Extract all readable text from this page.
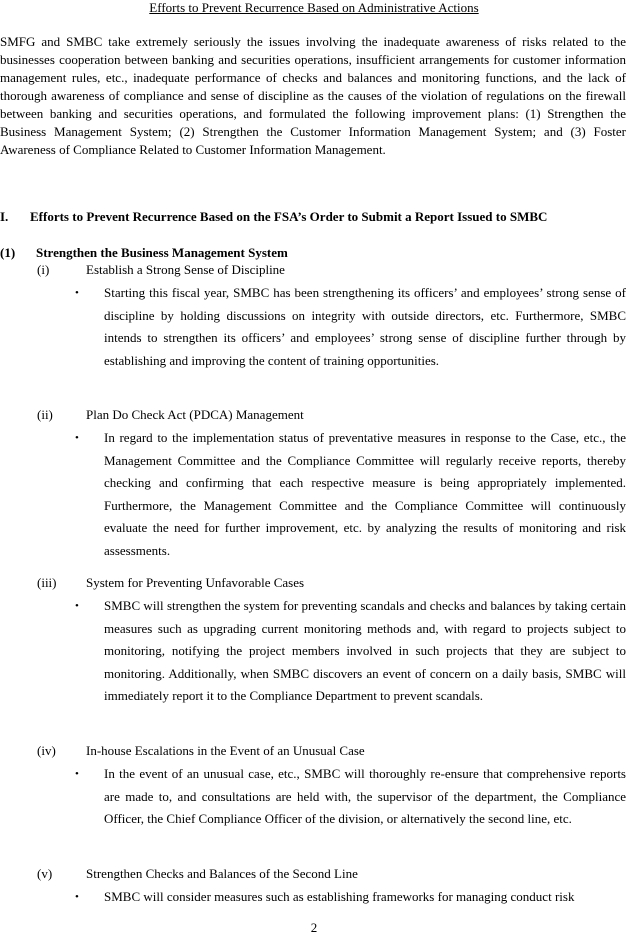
Efforts to Prevent Recurrence Based on Administrative Actions

SMFG and SMBC take extremely seriously the issues involving the inadequate awareness of risks related to the businesses cooperation between banking and securities operations, insufficient arrangements for customer information management rules, etc., inadequate performance of checks and balances and monitoring functions, and the lack of thorough awareness of compliance and sense of discipline as the causes of the violation of regulations on the firewall between banking and securities operations, and formulated the following improvement plans: (1) Strengthen the Business Management System; (2) Strengthen the Customer Information Management System; and (3) Foster Awareness of Compliance Related to Customer Information Management.

I. Efforts to Prevent Recurrence Based on the FSA’s Order to Submit a Report Issued to SMBC
(1) Strengthen the Business Management System
(i)	Establish a Strong Sense of Discipline
• Starting this fiscal year, SMBC has been strengthening its officers’ and employees’ strong sense of discipline by holding discussions on integrity with outside directors, etc. Furthermore, SMBC intends to strengthen its officers’ and employees’ strong sense of discipline further through by establishing and improving the content of training opportunities.

(ii)	Plan Do Check Act (PDCA) Management
• In regard to the implementation status of preventative measures in response to the Case, etc., the Management Committee and the Compliance Committee will regularly receive reports, thereby checking and confirming that each respective measure is being appropriately implemented. Furthermore, the Management Committee and the Compliance Committee will continuously evaluate the need for further improvement, etc. by analyzing the results of monitoring and risk assessments.

(iii) System for Preventing Unfavorable Cases
• SMBC will strengthen the system for preventing scandals and checks and balances by taking certain measures such as upgrading current monitoring methods and, with regard to projects subject to monitoring, notifying the project members involved in such projects that they are subject to monitoring. Additionally, when SMBC discovers an event of concern on a daily basis, SMBC will immediately report it to the Compliance Department to prevent scandals.

(iv) In-house Escalations in the Event of an Unusual Case
• In the event of an unusual case, etc., SMBC will thoroughly re-ensure that comprehensive reports are made to, and consultations are held with, the supervisor of the department, the Compliance Officer, the Chief Compliance Officer of the division, or alternatively the second line, etc.

(v)	Strengthen Checks and Balances of the Second Line
• SMBC will consider measures such as establishing frameworks for managing conduct risk

2
